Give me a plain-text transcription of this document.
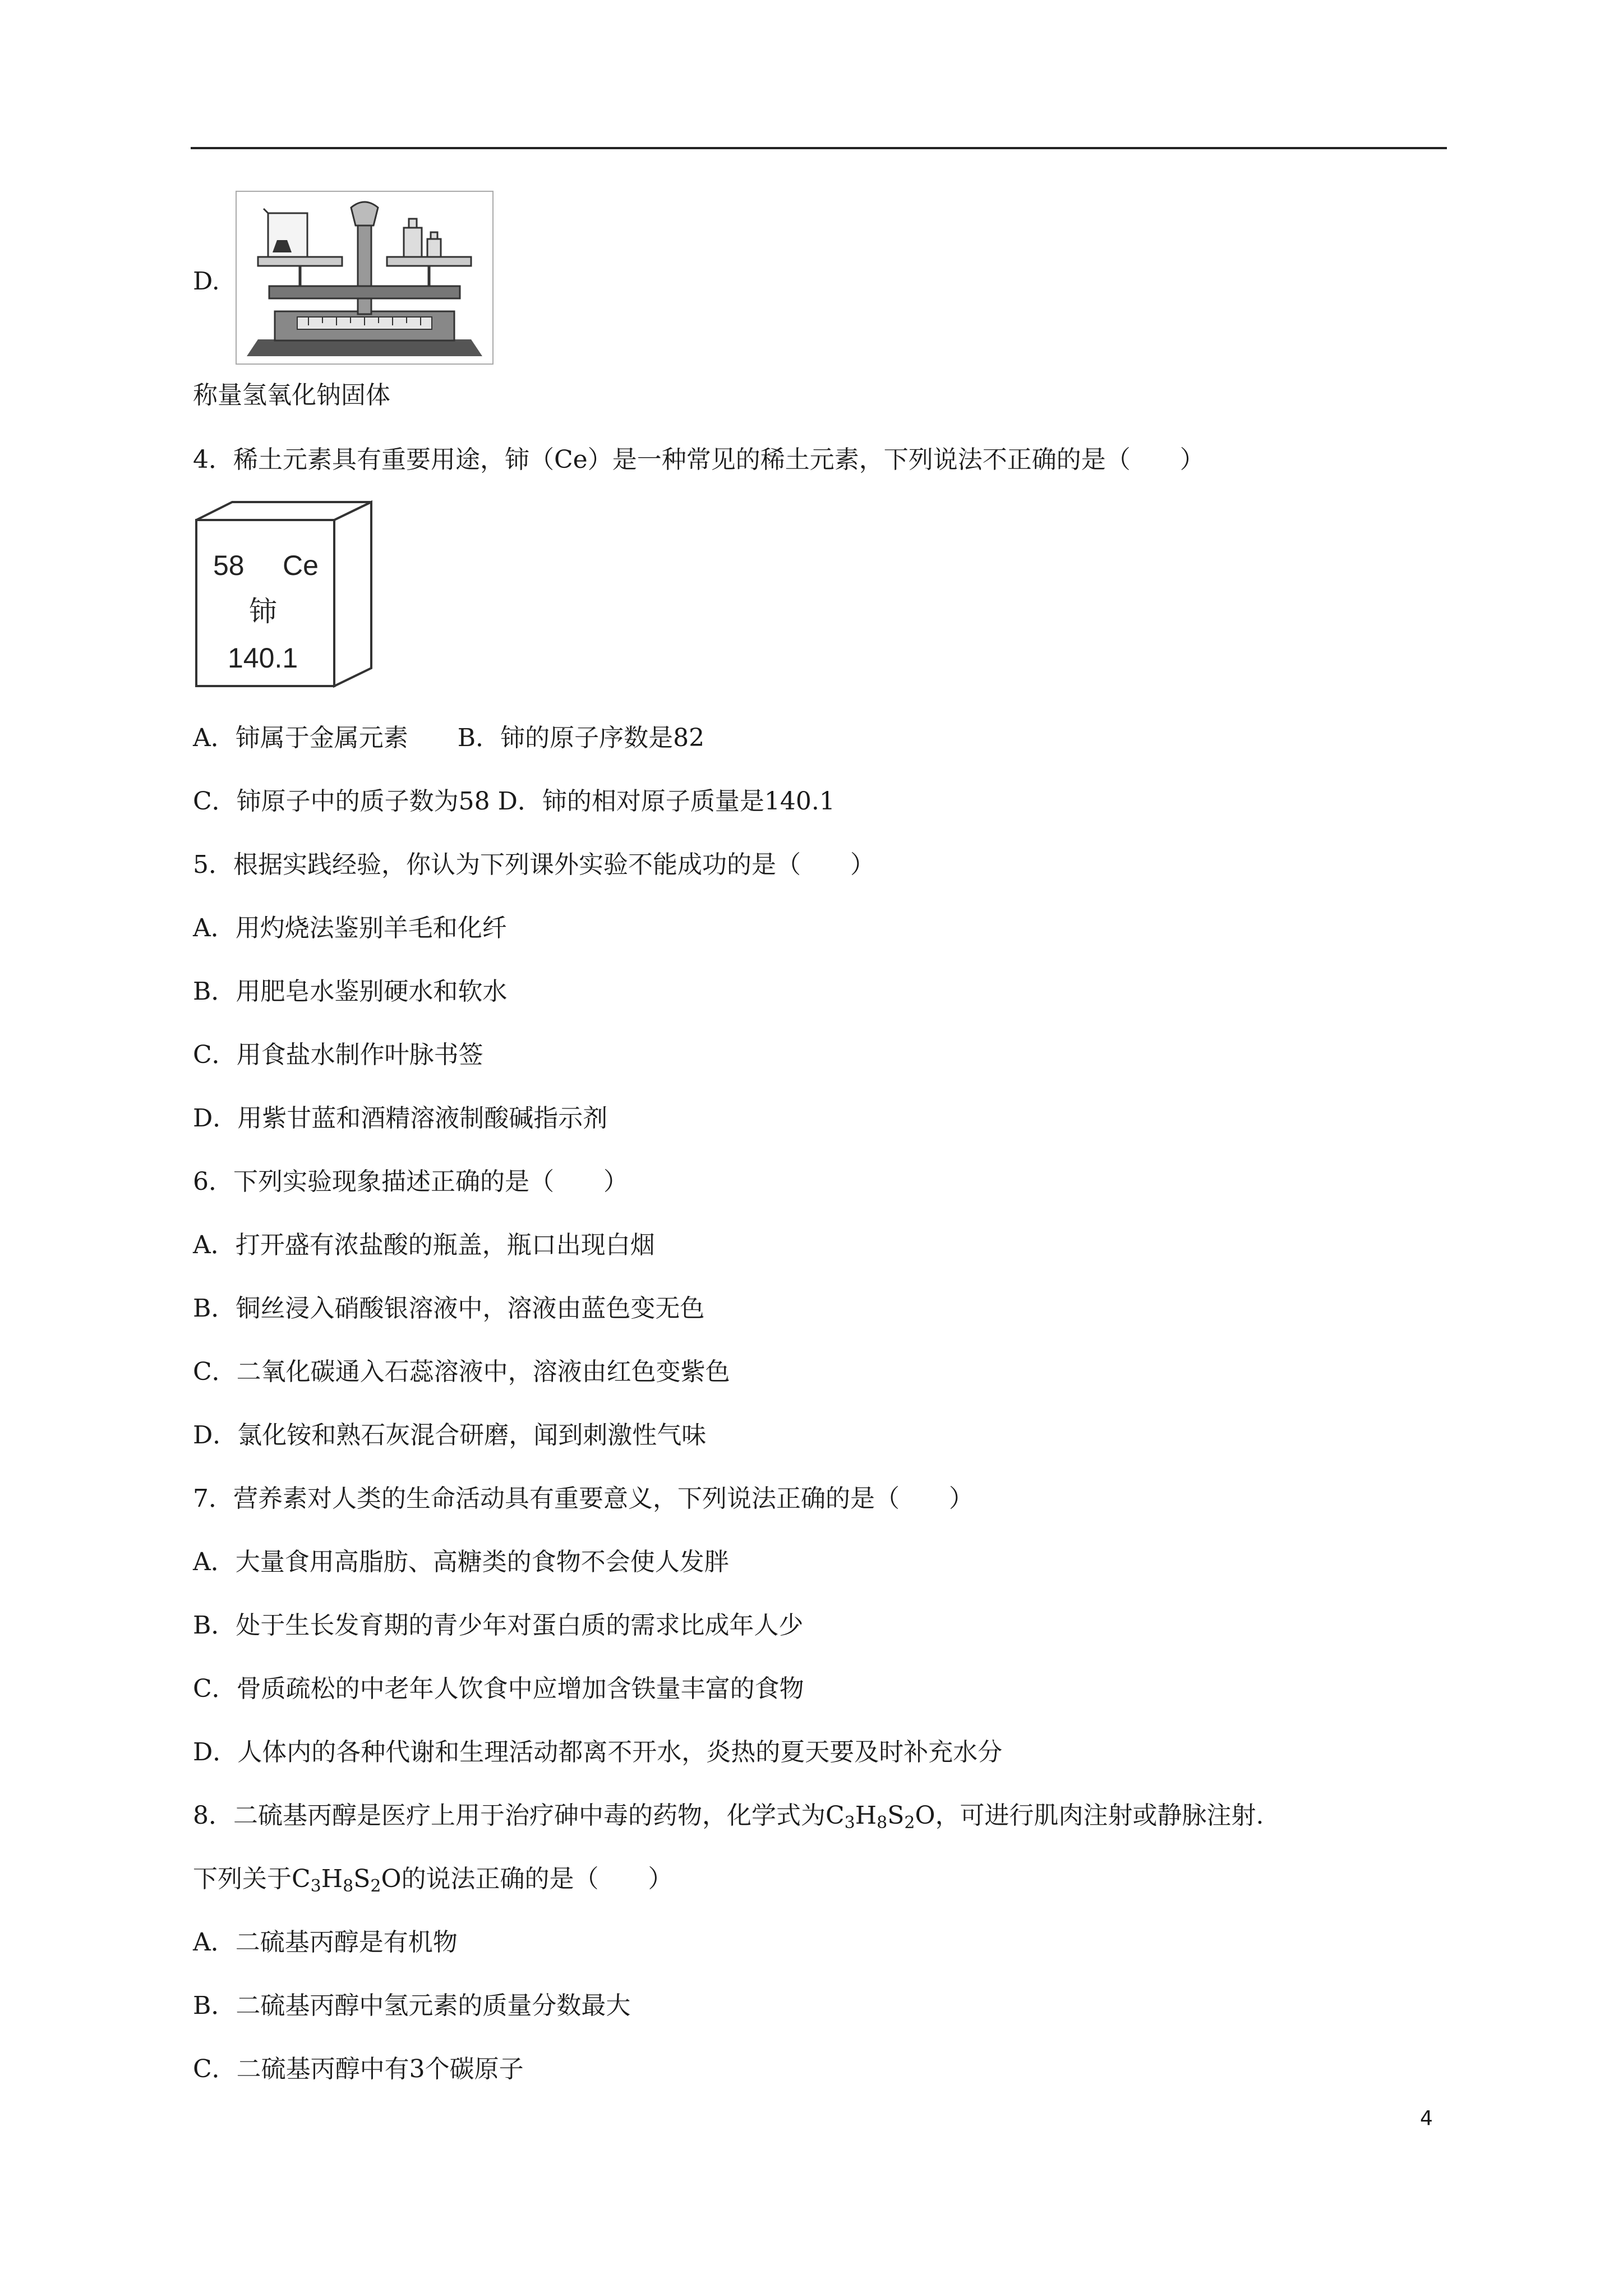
D.
称量氢氧化钠固体
4．稀土元素具有重要用途，铈（Ce）是一种常见的稀土元素，下列说法不正确的是（　　）
58 Ce
铈
140.1
A．铈属于金属元素　　B．铈的原子序数是82
C．铈原子中的质子数为58 D．铈的相对原子质量是140.1
5．根据实践经验，你认为下列课外实验不能成功的是（　　）
A．用灼烧法鉴别羊毛和化纤
B．用肥皂水鉴别硬水和软水
C．用食盐水制作叶脉书签
D．用紫甘蓝和酒精溶液制酸碱指示剂
6．下列实验现象描述正确的是（　　）
A．打开盛有浓盐酸的瓶盖，瓶口出现白烟
B．铜丝浸入硝酸银溶液中，溶液由蓝色变无色
C．二氧化碳通入石蕊溶液中，溶液由红色变紫色
D．氯化铵和熟石灰混合研磨，闻到刺激性气味
7．营养素对人类的生命活动具有重要意义，下列说法正确的是（　　）
A．大量食用高脂肪、高糖类的食物不会使人发胖
B．处于生长发育期的青少年对蛋白质的需求比成年人少
C．骨质疏松的中老年人饮食中应增加含铁量丰富的食物
D．人体内的各种代谢和生理活动都离不开水，炎热的夏天要及时补充水分
8．二硫基丙醇是医疗上用于治疗砷中毒的药物，化学式为$C_3H_8S_2O$，可进行肌肉注射或静脉注射.
下列关于$C_3H_8S_2O$的说法正确的是（　　）
A．二硫基丙醇是有机物
B．二硫基丙醇中氢元素的质量分数最大
C．二硫基丙醇中有3个碳原子
4
